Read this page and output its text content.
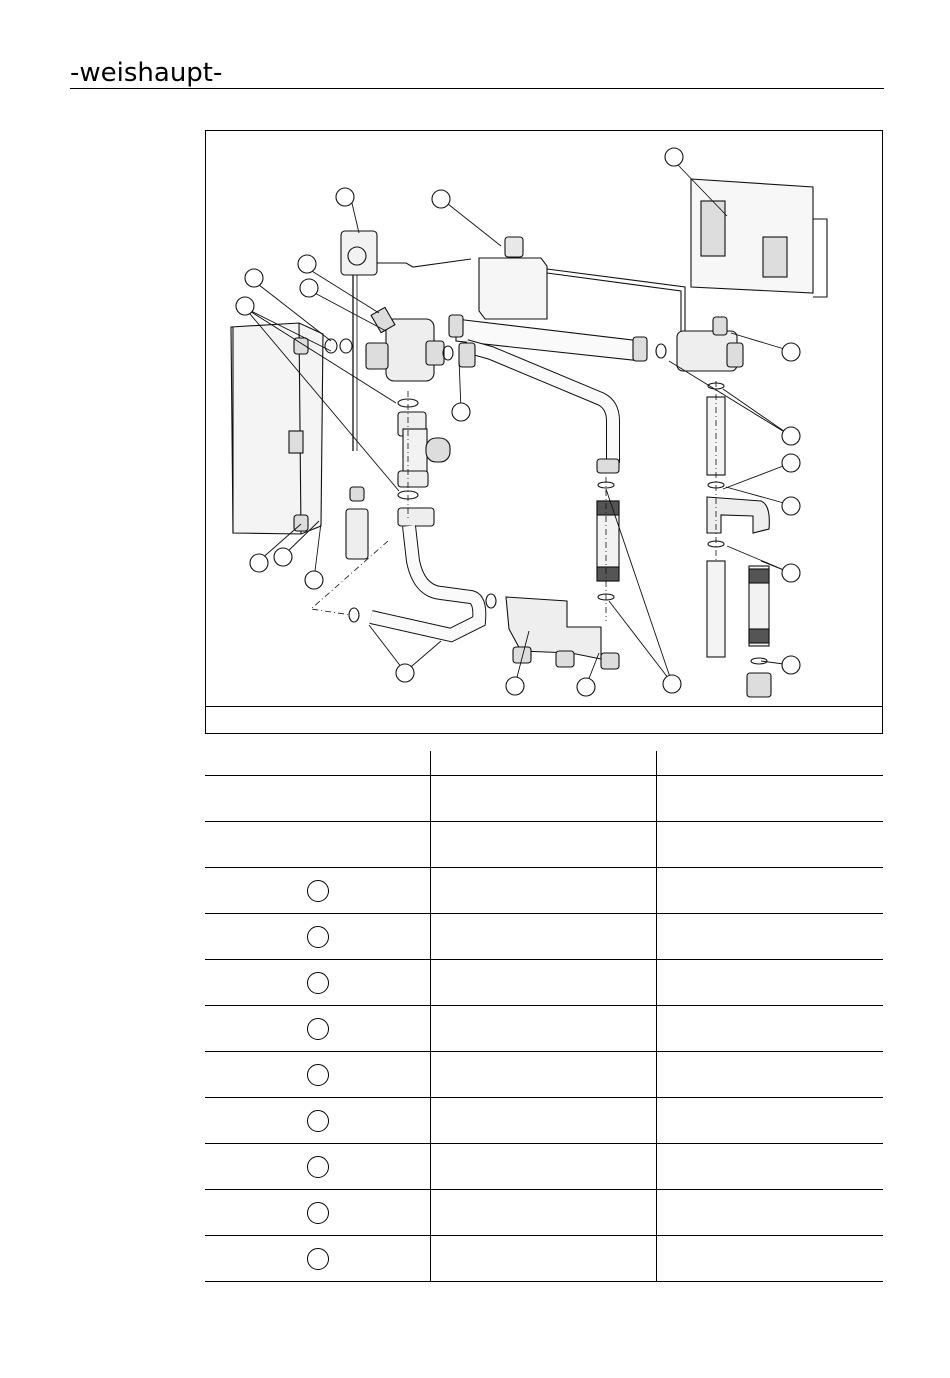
-weishaupt-
